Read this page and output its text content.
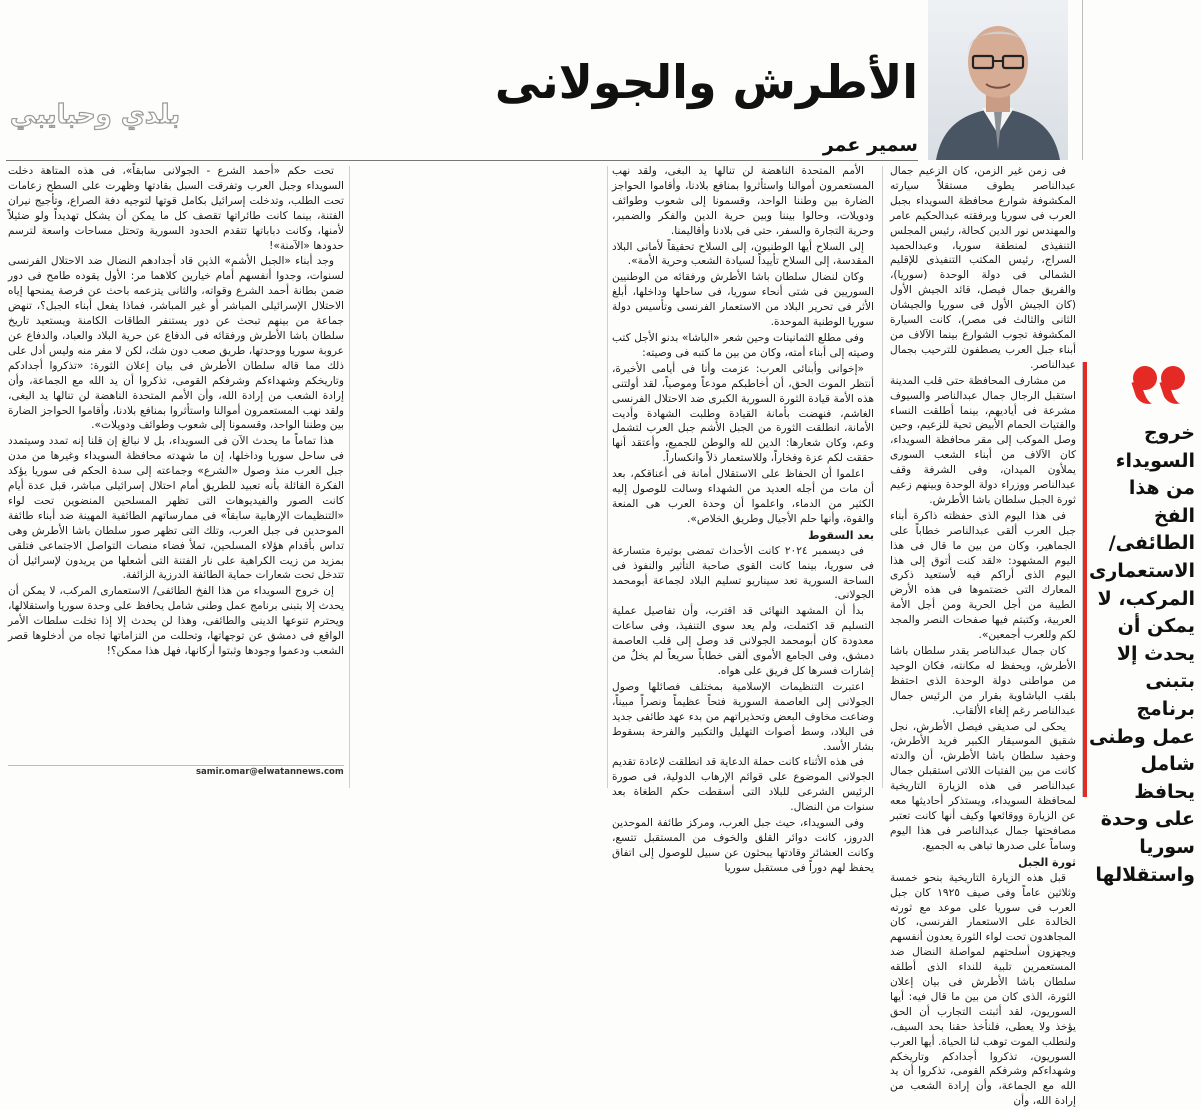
بلدي وحبايبي
الأطرش والجولانى
سمير عمر

فى زمن غير الزمن، كان الزعيم جمال عبدالناصر يطوف مستقلاً سيارته المكشوفة شوارع محافظة السويداء بجبل العرب فى سوريا وبرفقته عبدالحكيم عامر والمهندس نور الدين كحالة، رئيس المجلس التنفيذى لمنطقة سوريا، وعبدالحميد السراج، رئيس المكتب التنفيذى للإقليم الشمالى فى دولة الوحدة (سوريا)، والفريق جمال فيصل، قائد الجيش الأول (كان الجيش الأول فى سوريا والجيشان الثانى والثالث فى مصر)، كانت السيارة المكشوفة تجوب الشوارع بينما الآلاف من أبناء جبل العرب يصطفون للترحيب بجمال عبدالناصر.

من مشارف المحافظة حتى قلب المدينة استقبل الرجال جمال عبدالناصر والسيوف مشرعة فى أياديهم، بينما أطلقت النساء والفتيات الحمام الأبيض تحية للزعيم، وحين وصل الموكب إلى مقر محافظة السويداء، كان الآلاف من أبناء الشعب السورى يملأون الميدان، وفى الشرفة وقف عبدالناصر ووزراء دولة الوحدة وبينهم زعيم ثورة الجبل سلطان باشا الأطرش.

فى هذا اليوم الذى حفظته ذاكرة أبناء جبل العرب ألقى عبدالناصر خطاباً على الجماهير، وكان من بين ما قال فى هذا اليوم المشهود: «لقد كنت أتوق إلى هذا اليوم الذى أراكم فيه لأستعيد ذكرى المعارك التى خضتموها فى هذه الأرض الطيبة من أجل الحرية ومن أجل الأمة العربية، وكتبتم فيها صفحات النصر والمجد لكم وللعرب أجمعين».

كان جمال عبدالناصر يقدر سلطان باشا الأطرش، ويحفظ له مكانته، فكان الوحيد من مواطنى دولة الوحدة الذى احتفظ بلقب الباشاوية بقرار من الرئيس جمال عبدالناصر رغم إلغاء الألقاب.

يحكى لى صديقى فيصل الأطرش، نجل شقيق الموسيقار الكبير فريد الأطرش، وحفيد سلطان باشا الأطرش، أن والدته كانت من بين الفتيات اللاتى استقبلن جمال عبدالناصر فى هذه الزيارة التاريخية لمحافظة السويداء، ويستذكر أحاديثها معه عن الزيارة ووقائعها وكيف أنها كانت تعتبر مصافحتها جمال عبدالناصر فى هذا اليوم وساماً على صدرها تباهى به الجميع.

ثورة الجبل

قبل هذه الزيارة التاريخية بنحو خمسة وثلاثين عاماً وفى صيف ١٩٢٥ كان جبل العرب فى سوريا على موعد مع ثورته الخالدة على الاستعمار الفرنسى، كان المجاهدون تحت لواء الثورة يعدون أنفسهم ويجهزون أسلحتهم لمواصلة النضال ضد المستعمرين تلبية للنداء الذى أطلقه سلطان باشا الأطرش فى بيان إعلان الثورة، الذى كان من بين ما قال فيه: أيها السوريون، لقد أثبتت التجارب أن الحق يؤخذ ولا يعطى، فلنأخذ حقنا بحد السيف، ولنطلب الموت توهب لنا الحياة. أيها العرب السوريون، تذكروا أجدادكم وتاريخكم وشهداءكم وشرفكم القومى، تذكروا أن يد الله مع الجماعة، وأن إرادة الشعب من إرادة الله، وأن

الأمم المتحدة الناهضة لن تنالها يد البغى، ولقد نهب المستعمرون أموالنا واستأثروا بمنافع بلادنا، وأقاموا الحواجز الضارة بين وطننا الواحد، وقسمونا إلى شعوب وطوائف ودويلات، وحالوا بيننا وبين حرية الدين والفكر والضمير، وحرية التجارة والسفر، حتى فى بلادنا وأقاليمنا.

إلى السلاح أيها الوطنيون، إلى السلاح تحقيقاً لأمانى البلاد المقدسة، إلى السلاح تأييداً لسيادة الشعب وحرية الأمة».

وكان لنضال سلطان باشا الأطرش ورفقائه من الوطنيين السوريين فى شتى أنحاء سوريا، فى ساحلها وداخلها، أبلغ الأثر فى تحرير البلاد من الاستعمار الفرنسى وتأسيس دولة سوريا الوطنية الموحدة.

وفى مطلع الثمانينات وحين شعر «الباشا» بدنو الأجل كتب وصيته إلى أبناء أمته، وكان من بين ما كتبه فى وصيته:

«إخوانى وأبنائى العرب: عزمت وأنا فى أيامى الأخيرة، أنتظر الموت الحق، أن أخاطبكم مودعاً وموصياً، لقد أولتنى هذه الأمة قيادة الثورة السورية الكبرى ضد الاحتلال الفرنسى الغاشم، فنهضت بأمانة القيادة وطلبت الشهادة وأديت الأمانة، انطلقت الثورة من الجبل الأشم جبل العرب لتشمل وعم، وكان شعارها: الدين لله والوطن للجميع، وأعتقد أنها حققت لكم عزة وفخاراً، وللاستعمار ذلاً وانكساراً.

اعلموا أن الحفاظ على الاستقلال أمانة فى أعناقكم، بعد أن مات من أجله العديد من الشهداء وسالت للوصول إليه الكثير من الدماء، واعلموا أن وحدة العرب هى المنعة والقوة، وأنها حلم الأجيال وطريق الخلاص».

بعد السقوط

فى ديسمبر ٢٠٢٤ كانت الأحداث تمضى بوتيرة متسارعة فى سوريا، بينما كانت القوى صاحبة التأثير والنفوذ فى الساحة السورية تعد سيناريو تسليم البلاد لجماعة أبومحمد الجولانى.

بدأ أن المشهد النهائى قد اقترب، وأن تفاصيل عملية التسليم قد اكتملت، ولم يعد سوى التنفيذ، وفى ساعات معدودة كان أبومحمد الجولانى قد وصل إلى قلب العاصمة دمشق، وفى الجامع الأموى ألقى خطاباً سريعاً لم يخلُ من إشارات فسرها كل فريق على هواه.

اعتبرت التنظيمات الإسلامية بمختلف فصائلها وصول الجولانى إلى العاصمة السورية فتحاً عظيماً ونصراً مبيناً، وضاعت مخاوف البعض وتحذيراتهم من بدء عهد طائفى جديد فى البلاد، وسط أصوات التهليل والتكبير والفرحة بسقوط بشار الأسد.

فى هذه الأثناء كانت حملة الدعاية قد انطلقت لإعادة تقديم الجولانى الموضوع على قوائم الإرهاب الدولية، فى صورة الرئيس الشرعى للبلاد التى أسقطت حكم الطغاة بعد سنوات من النضال.

وفى السويداء، حيث جبل العرب، ومركز طائفة الموحدين الدروز، كانت دوائر القلق والخوف من المستقبل تتسع، وكانت العشائر وقادتها يبحثون عن سبيل للوصول إلى اتفاق يحفظ لهم دوراً فى مستقبل سوريا

تحت حكم «أحمد الشرع - الجولانى سابقاً»، فى هذه المتاهة دخلت السويداء وجبل العرب وتفرقت السبل بقادتها وظهرت على السطح زعامات تحت الطلب، وتدخلت إسرائيل بكامل قوتها لتوجيه دفة الصراع، وتأجيج نيران الفتنة، بينما كانت طائراتها تقصف كل ما يمكن أن يشكل تهديداً ولو ضئيلاً لأمنها، وكانت دباباتها تتقدم الحدود السورية وتحتل مساحات واسعة لترسم حدودها «الآمنة»!

وجد أبناء «الجبل الأشم» الذين قاد أجدادهم النضال ضد الاحتلال الفرنسى لسنوات، وجدوا أنفسهم أمام خيارين كلاهما مر: الأول يقوده طامح فى دور ضمن بطانة أحمد الشرع وقواته، والثانى يتزعمه باحث عن فرصة يمنحها إياه الاحتلال الإسرائيلى المباشر أو غير المباشر، فماذا يفعل أبناء الجبل؟، تنهض جماعة من بينهم تبحث عن دور يستنفر الطاقات الكامنة ويستعيد تاريخ سلطان باشا الأطرش ورفقائه فى الدفاع عن حرية البلاد والعباد، والدفاع عن عروبة سوريا ووحدتها، طريق صعب دون شك، لكن لا مفر منه وليس أدل على ذلك مما قاله سلطان الأطرش فى بيان إعلان الثورة: «تذكروا أجدادكم وتاريخكم وشهداءكم وشرفكم القومى، تذكروا أن يد الله مع الجماعة، وأن إرادة الشعب من إرادة الله، وأن الأمم المتحدة الناهضة لن تنالها يد البغى، ولقد نهب المستعمرون أموالنا واستأثروا بمنافع بلادنا، وأقاموا الحواجز الضارة بين وطننا الواحد، وقسمونا إلى شعوب وطوائف ودويلات».

هذا تماماً ما يحدث الآن فى السويداء، بل لا نبالغ إن قلنا إنه تمدد وسيتمدد فى ساحل سوريا وداخلها، إن ما شهدته محافظة السويداء وغيرها من مدن جبل العرب منذ وصول «الشرع» وجماعته إلى سدة الحكم فى سوريا يؤكد الفكرة القائلة بأنه تعبيد للطريق أمام احتلال إسرائيلى مباشر، قبل عدة أيام كانت الصور والفيديوهات التى تظهر المسلحين المنضوين تحت لواء «التنظيمات الإرهابية سابقاً» فى ممارساتهم الطائفية المهينة ضد أبناء طائفة الموحدين فى جبل العرب، وتلك التى تظهر صور سلطان باشا الأطرش وهى تداس بأقدام هؤلاء المسلحين، تملأ فضاء منصات التواصل الاجتماعى فتلقى بمزيد من زيت الكراهية على نار الفتنة التى أشعلها من يريدون لإسرائيل أن تتدخل تحت شعارات حماية الطائفة الدرزية الزائفة.

إن خروج السويداء من هذا الفخ الطائفى/ الاستعمارى المركب، لا يمكن أن يحدث إلا بتبنى برنامج عمل وطنى شامل يحافظ على وحدة سوريا واستقلالها، ويحترم تنوعها الدينى والطائفى، وهذا لن يحدث إلا إذا تخلت سلطات الأمر الواقع فى دمشق عن توجهاتها، وتحللت من التزاماتها تجاه من أدخلوها قصر الشعب ودعموا وجودها وثبتوا أركانها، فهل هذا ممكن؟!

samir.omar@elwatannews.com
خروج السويداء من هذا الفخ الطائفى/ الاستعمارى المركب، لا يمكن أن يحدث إلا بتبنى برنامج عمل وطنى شامل يحافظ على وحدة سوريا واستقلالها
